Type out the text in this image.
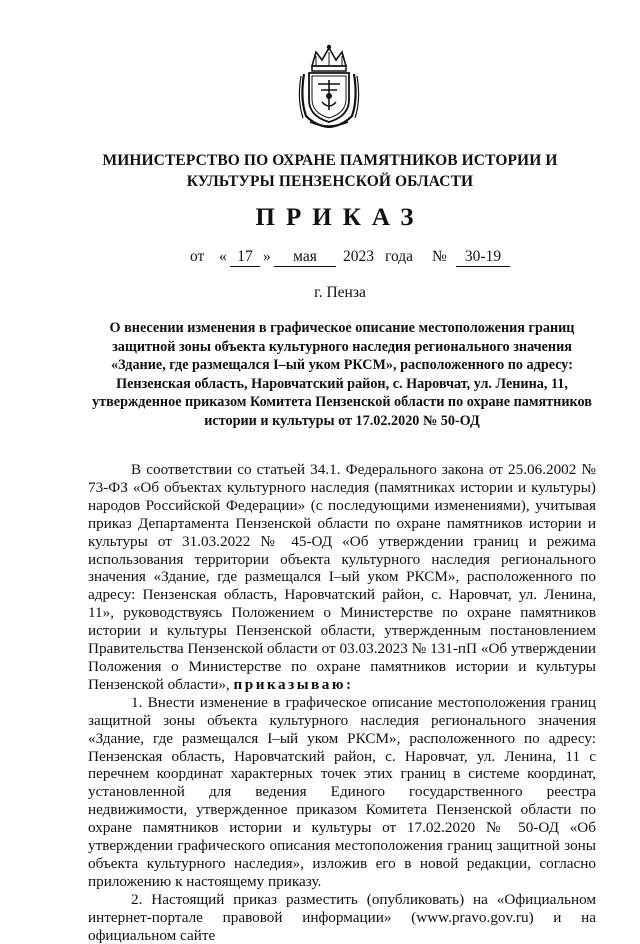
МИНИСТЕРСТВО ПО ОХРАНЕ ПАМЯТНИКОВ ИСТОРИИ И
КУЛЬТУРЫ ПЕНЗЕНСКОЙ ОБЛАСТИ
ПРИКАЗ
от « 17 »	мая	2023 года №	30-19
г. Пенза
О внесении изменения в графическое описание местоположения границ защитной зоны объекта культурного наследия регионального значения «Здание, где размещался I–ый уком РКСМ», расположенного по адресу: Пензенская область, Наровчатский район, с. Наровчат, ул. Ленина, 11, утвержденное приказом Комитета Пензенской области по охране памятников истории и культуры от 17.02.2020 № 50-ОД

В соответствии со статьей 34.1. Федерального закона от 25.06.2002 № 73-ФЗ «Об объектах культурного наследия (памятниках истории и культуры) народов Российской Федерации» (с последующими изменениями), учитывая приказ Департамента Пензенской области по охране памятников истории и культуры от 31.03.2022 № 45-ОД «Об утверждении границ и режима использования территории объекта культурного наследия регионального значения «Здание, где размещался I–ый уком РКСМ», расположенного по адресу: Пензенская область, Наровчатский район, с. Наровчат, ул. Ленина, 11», руководствуясь Положением о Министерстве по охране памятников истории и культуры Пензенской области, утвержденным постановлением Правительства Пензенской области от 03.03.2023 № 131-пП «Об утверждении Положения о Министерстве по охране памятников истории и культуры Пензенской области», приказываю:

1. Внести изменение в графическое описание местоположения границ защитной зоны объекта культурного наследия регионального значения «Здание, где размещался I–ый уком РКСМ», расположенного по адресу: Пензенская область, Наровчатский район, с. Наровчат, ул. Ленина, 11 с перечнем координат характерных точек этих границ в системе координат, установленной для ведения Единого государственного реестра недвижимости, утвержденное приказом Комитета Пензенской области по охране памятников истории и культуры от 17.02.2020 № 50-ОД «Об утверждении графического описания местоположения границ защитной зоны объекта культурного наследия», изложив его в новой редакции, согласно приложению к настоящему приказу.

2. Настоящий приказ разместить (опубликовать) на «Официальном интернет-портале правовой информации» (www.pravo.gov.ru) и на официальном сайте
